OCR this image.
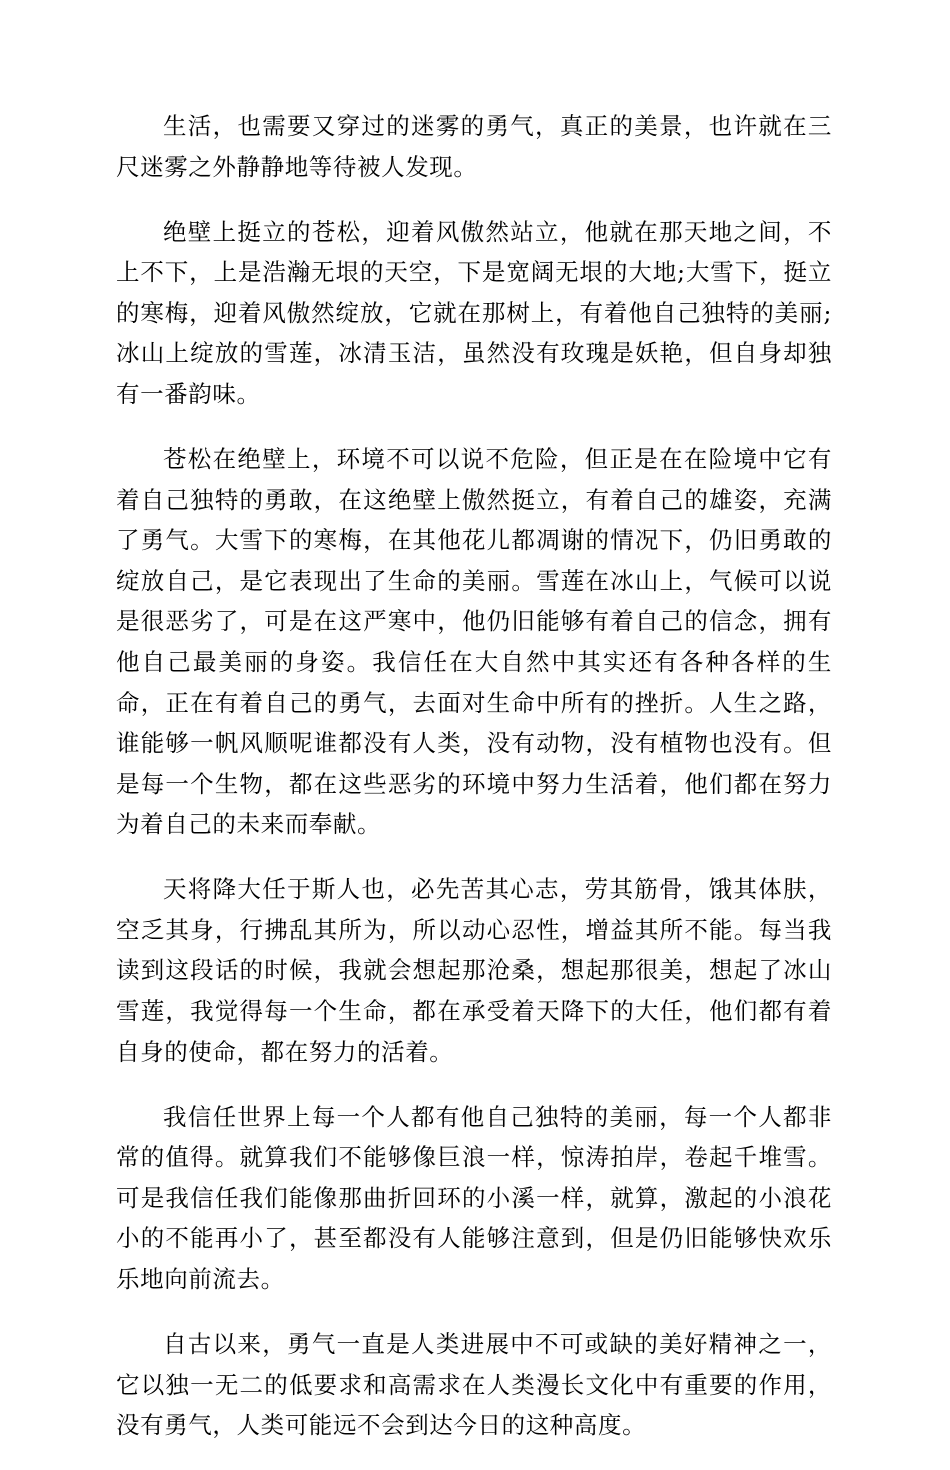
生活，也需要又穿过的迷雾的勇气，真正的美景，也许就在三尺迷雾之外静静地等待被人发现。

绝壁上挺立的苍松，迎着风傲然站立，他就在那天地之间，不上不下，上是浩瀚无垠的天空，下是宽阔无垠的大地;大雪下，挺立的寒梅，迎着风傲然绽放，它就在那树上，有着他自己独特的美丽;冰山上绽放的雪莲，冰清玉洁，虽然没有玫瑰是妖艳，但自身却独有一番韵味。

苍松在绝壁上，环境不可以说不危险，但正是在在险境中它有着自己独特的勇敢，在这绝壁上傲然挺立，有着自己的雄姿，充满了勇气。大雪下的寒梅，在其他花儿都凋谢的情况下，仍旧勇敢的绽放自己，是它表现出了生命的美丽。雪莲在冰山上，气候可以说是很恶劣了，可是在这严寒中，他仍旧能够有着自己的信念，拥有他自己最美丽的身姿。我信任在大自然中其实还有各种各样的生命，正在有着自己的勇气，去面对生命中所有的挫折。人生之路，谁能够一帆风顺呢谁都没有人类，没有动物，没有植物也没有。但是每一个生物，都在这些恶劣的环境中努力生活着，他们都在努力为着自己的未来而奉献。

天将降大任于斯人也，必先苦其心志，劳其筋骨，饿其体肤，空乏其身，行拂乱其所为，所以动心忍性，增益其所不能。每当我读到这段话的时候，我就会想起那沧桑，想起那很美，想起了冰山雪莲，我觉得每一个生命，都在承受着天降下的大任，他们都有着自身的使命，都在努力的活着。

我信任世界上每一个人都有他自己独特的美丽，每一个人都非常的值得。就算我们不能够像巨浪一样，惊涛拍岸，卷起千堆雪。可是我信任我们能像那曲折回环的小溪一样，就算，激起的小浪花小的不能再小了，甚至都没有人能够注意到，但是仍旧能够快欢乐乐地向前流去。

自古以来，勇气一直是人类进展中不可或缺的美好精神之一，它以独一无二的低要求和高需求在人类漫长文化中有重要的作用，没有勇气，人类可能远不会到达今日的这种高度。
